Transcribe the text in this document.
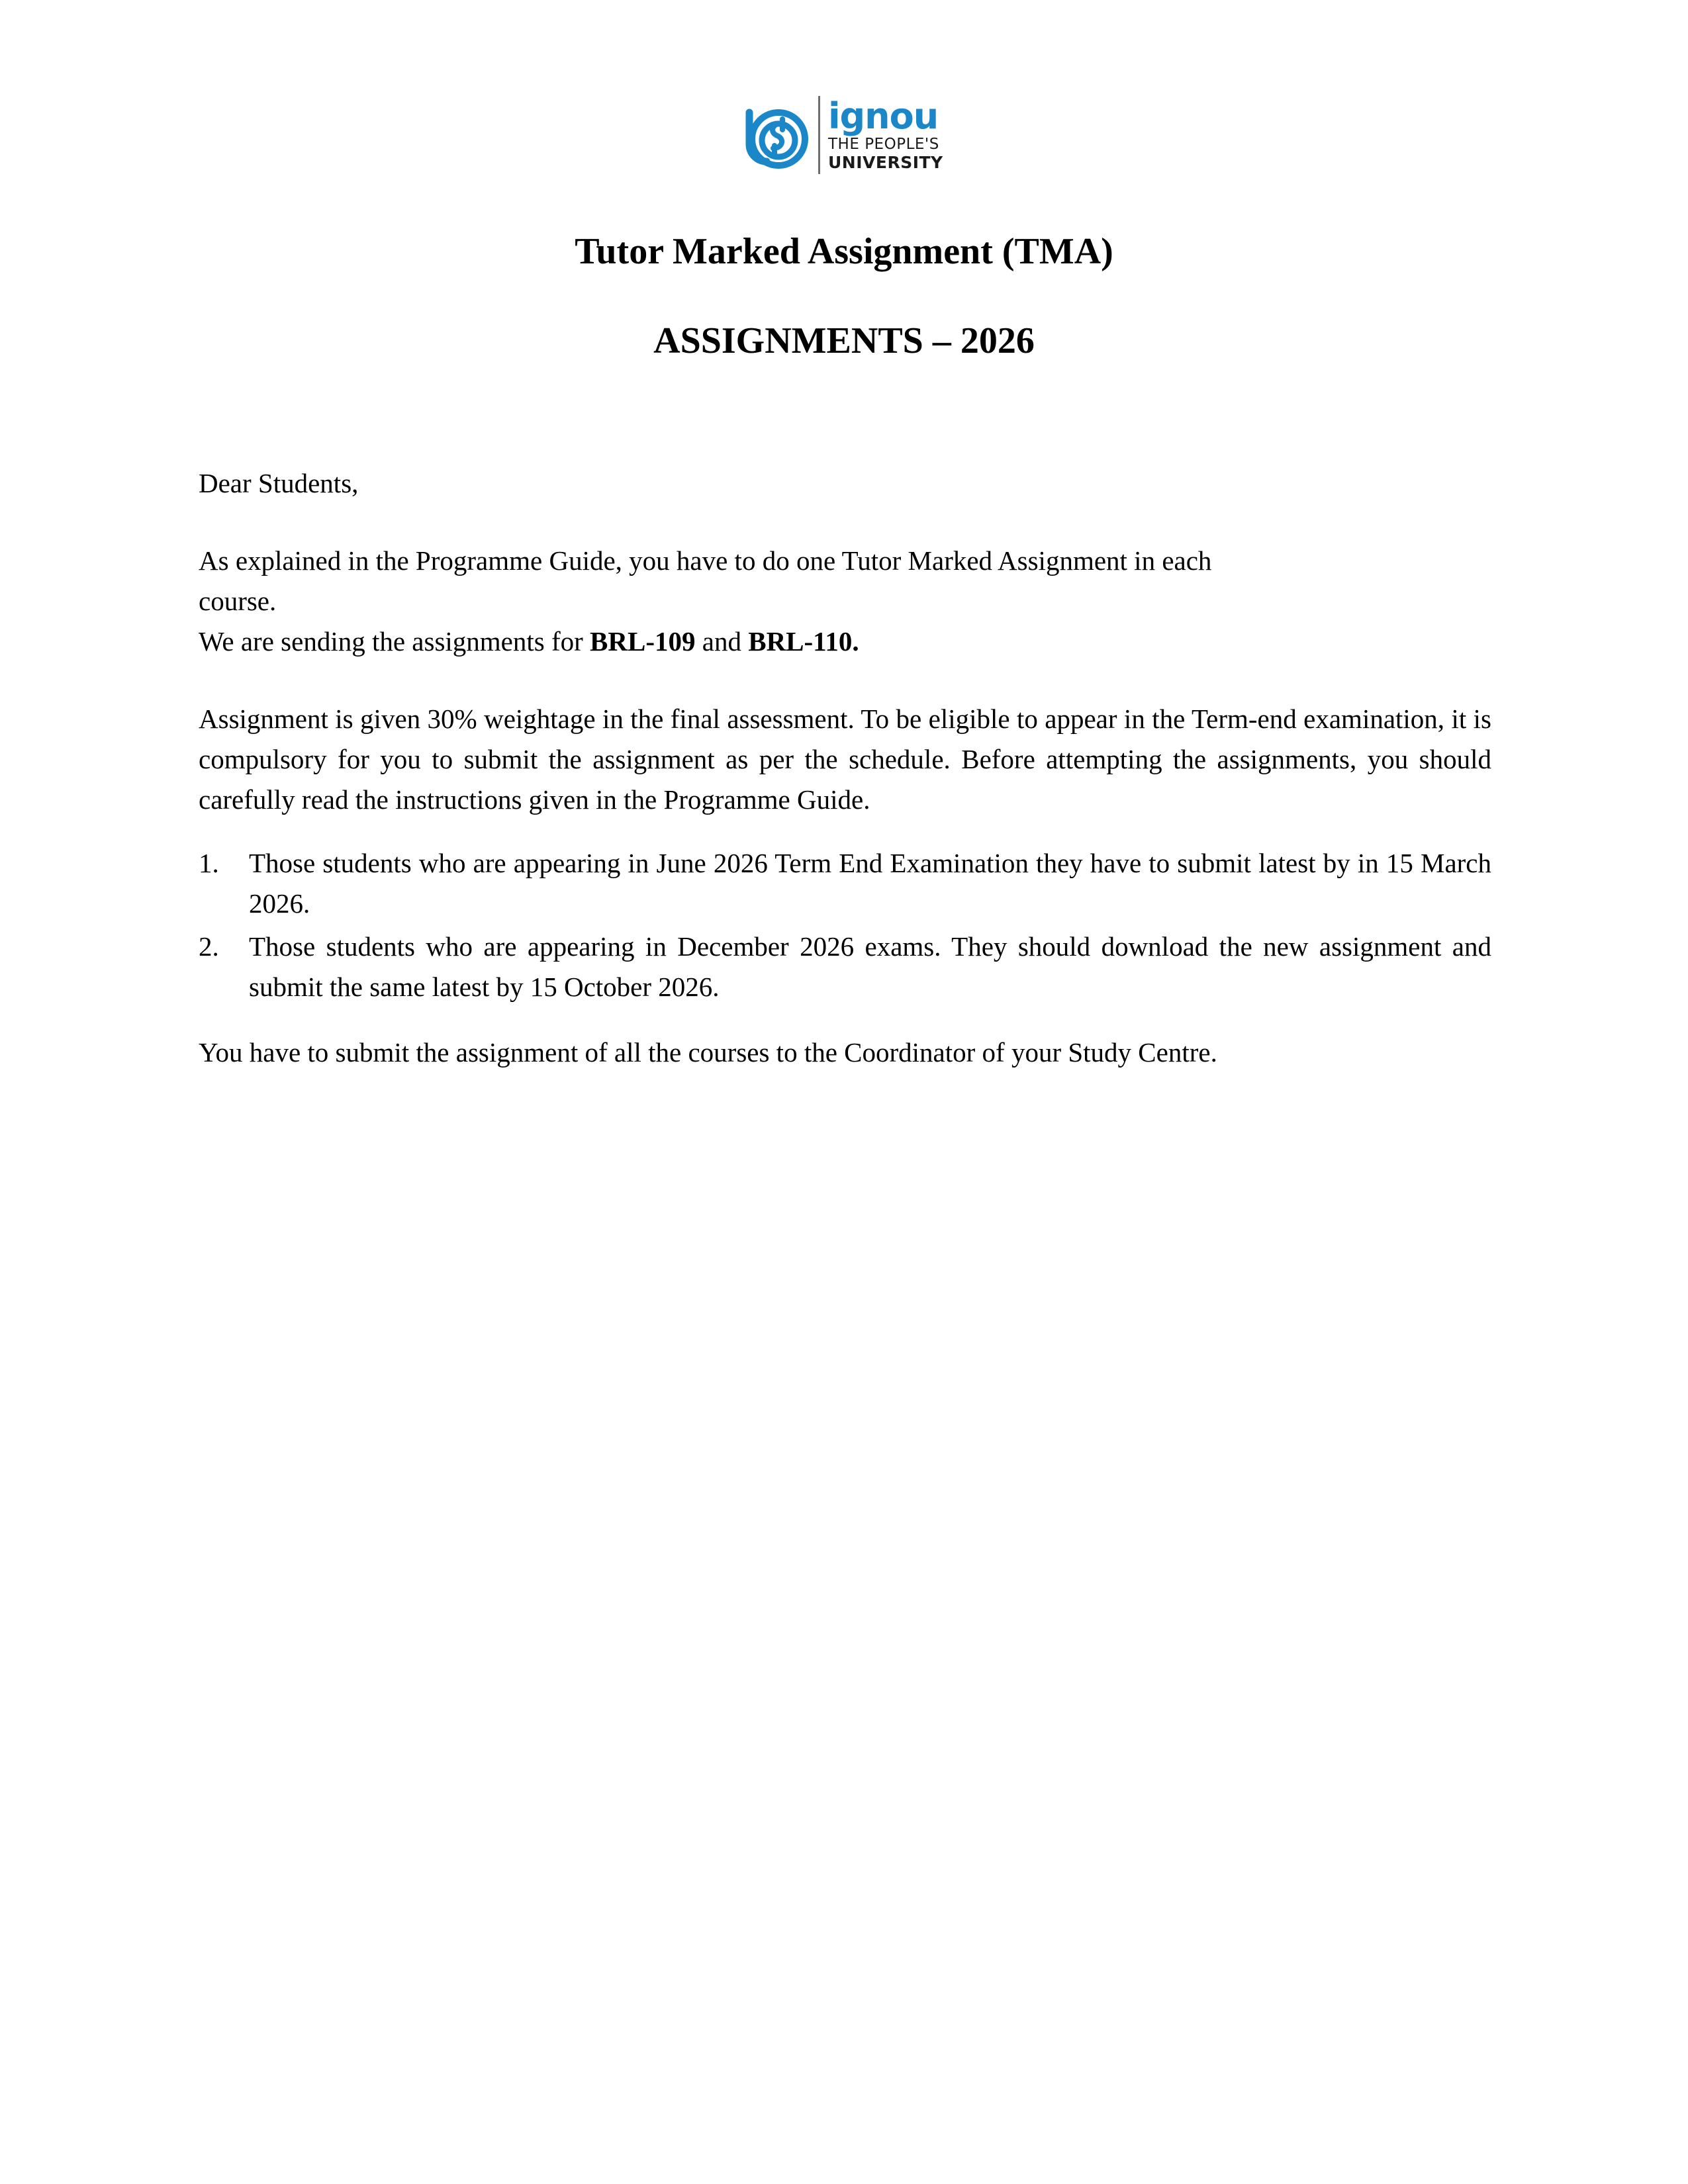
ignou
THE PEOPLE'S
UNIVERSITY
Tutor Marked Assignment (TMA)
ASSIGNMENTS – 2026

Dear Students,

As explained in the Programme Guide, you have to do one Tutor Marked Assignment in each
course.
We are sending the assignments for BRL-109 and BRL-110.

Assignment is given 30% weightage in the final assessment. To be eligible to appear in the Term-end examination, it is compulsory for you to submit the assignment as per the schedule. Before attempting the assignments, you should carefully read the instructions given in the Programme Guide.

1.	Those students who are appearing in June 2026 Term End Examination they have to submit latest by in 15 March 2026.
2.	Those students who are appearing in December 2026 exams. They should download the new assignment and submit the same latest by 15 October 2026.

You have to submit the assignment of all the courses to the Coordinator of your Study Centre.
